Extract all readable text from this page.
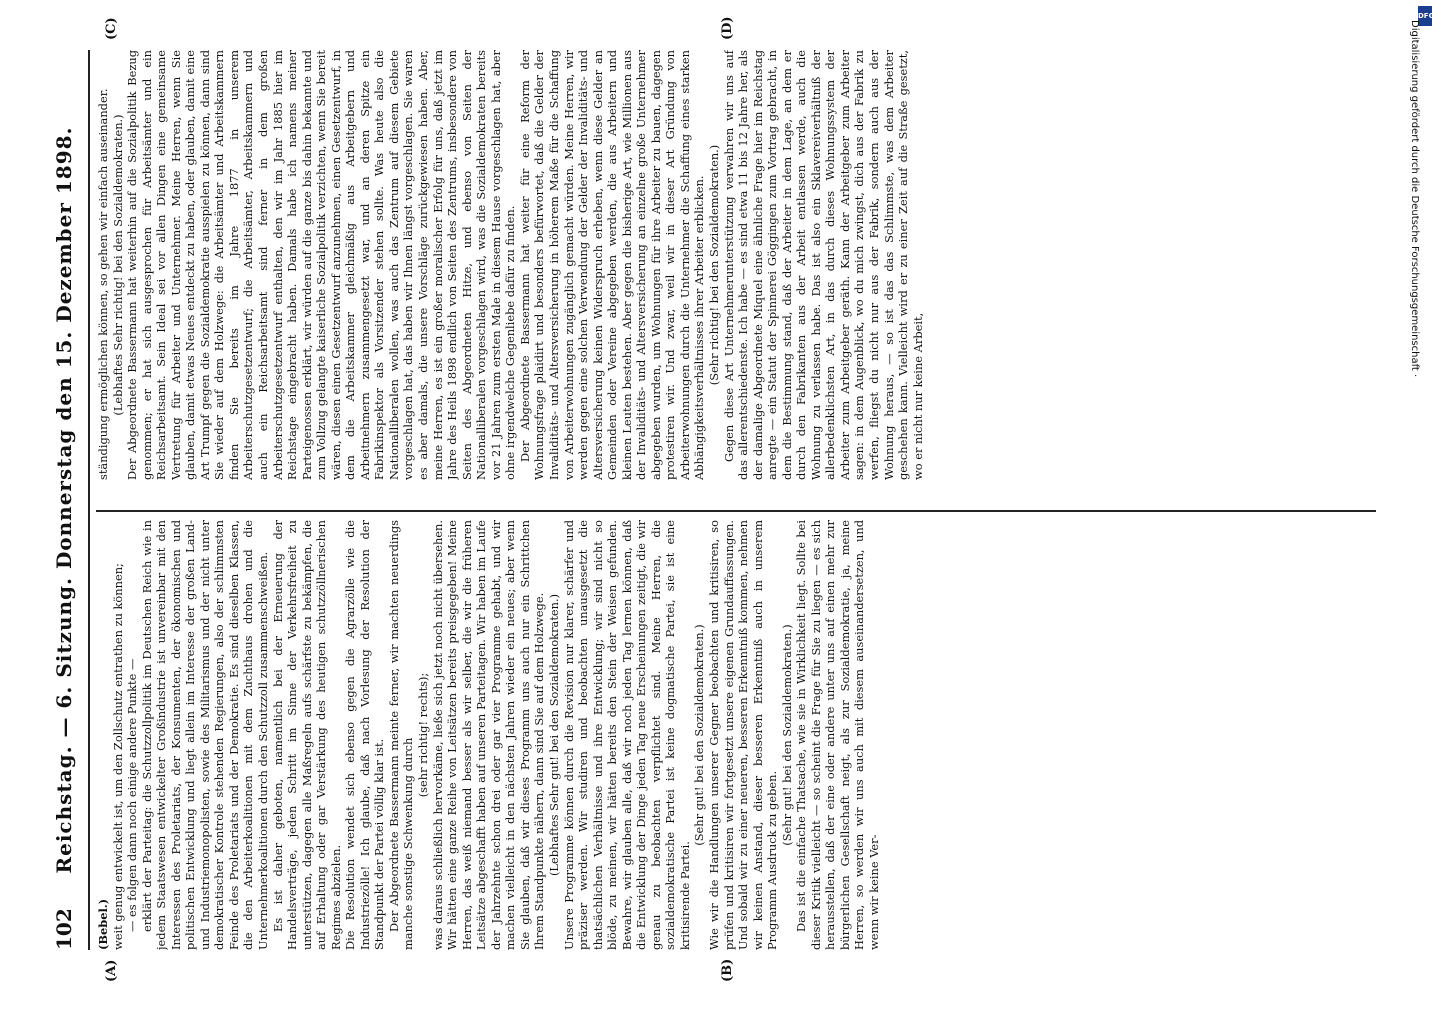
102
Reichstag. — 6. Sitzung. Donnerstag den 15. Dezember 1898.
(A)	(B)
(C)	(D)

(Bebel.) weit genug entwickelt ist, um den Zollschutz entrathen zu können; — es folgen dann noch einige andere Punkte — erklärt der Parteitag: die Schutzzollpolitik im Deutschen Reich wie in jedem Staatswesen entwickelter Großindustrie ist unvereinbar mit den Interessen des Proletariats, der Konsumenten, der ökonomischen und politischen Entwicklung und liegt allein im Interesse der großen Land- und Industriemonopolisten, sowie des Militarismus und der nicht unter demokratischer Kontrole stehenden Regierungen, also der schlimmsten Feinde des Proletariats und der Demokratie. Es sind dieselben Klassen, die den Arbeiterkoalitionen mit dem Zuchthaus drohen und die Unternehmerkoalitionen durch den Schutzzoll zusammenschweißen. Es ist daher geboten, namentlich bei der Erneuerung der Handelsverträge, jeden Schritt im Sinne der Verkehrsfreiheit zu unterstützen, dagegen alle Maßregeln aufs schärfste zu bekämpfen, die auf Erhaltung oder gar Verstärkung des heutigen schutzzöllnerischen Regimes abzielen. Die Resolution wendet sich ebenso gegen die Agrarzölle wie die Industriezölle! Ich glaube, daß nach Vorlesung der Resolution der Standpunkt der Partei völlig klar ist. Der Abgeordnete Bassermann meinte ferner, wir machten neuerdings manche sonstige Schwenkung durch

(sehr richtig! rechts); was daraus schließlich hervorkäme, ließe sich jetzt noch nicht übersehen. Wir hätten eine ganze Reihe von Leitsätzen bereits preisgegeben! Meine Herren, das weiß niemand besser als wir selber, die wir die früheren Leitsätze abgeschafft haben auf unseren Parteitagen. Wir haben im Laufe der Jahrzehnte schon drei oder gar vier Programme gehabt, und wir machen vielleicht in den nächsten Jahren wieder ein neues; aber wenn Sie glauben, daß wir dieses Programm uns auch nur ein Schrittchen Ihrem Standpunkte nähern, dann sind Sie auf dem Holzwege. (Lebhaftes Sehr gut! bei den Sozialdemokraten.) Unsere Programme können durch die Revision nur klarer, schärfer und präziser werden. Wir studiren und beobachten unausgesetzt die thatsächlichen Verhältnisse und ihre Entwicklung; wir sind nicht so blöde, zu meinen, wir hätten bereits den Stein der Weisen gefunden. Bewahre, wir glauben alle, daß wir noch jeden Tag lernen können, daß die Entwicklung der Dinge jeden Tag neue Erscheinungen zeitigt, die wir genau zu beobachten verpflichtet sind. Meine Herren, die sozialdemokratische Partei ist keine dogmatische Partei, sie ist eine kritisirende Partei.

(Sehr gut! bei den Sozialdemokraten.) Wie wir die Handlungen unserer Gegner beobachten und kritisiren, so prüfen und kritisiren wir fortgesetzt unsere eigenen Grundauffassungen. Und sobald wir zu einer neueren, besseren Erkenntniß kommen, nehmen wir keinen Anstand, dieser besseren Erkenntniß auch in unserem Programm Ausdruck zu geben.

(Sehr gut! bei den Sozialdemokraten.) Das ist die einfache Thatsache, wie sie in Wirklichkeit liegt. Sollte bei dieser Kritik vielleicht — so scheint die Frage für Sie zu liegen — es sich herausstellen, daß der eine oder andere unter uns auf einen mehr zur bürgerlichen Gesellschaft neigt, als zur Sozialdemokratie, ja, meine Herren, so werden wir uns auch mit diesem auseinandersetzen, und wenn wir keine Ver-

ständigung ermöglichen können, so gehen wir einfach auseinander. (Lebhaftes Sehr richtig! bei den Sozialdemokraten.) Der Abgeordnete Bassermann hat weiterhin auf die Sozialpolitik Bezug genommen; er hat sich ausgesprochen für Arbeitsämter und ein Reichsarbeitsamt. Sein Ideal sei vor allen Dingen eine gemeinsame Vertretung für Arbeiter und Unternehmer. Meine Herren, wenn Sie glauben, damit etwas Neues entdeckt zu haben, oder glauben, damit eine Art Trumpf gegen die Sozialdemokratie ausspielen zu können, dann sind Sie wieder auf dem Holzwege: die Arbeitsämter und Arbeitskammern finden Sie bereits im Jahre 1877 in unserem Arbeiterschutzgesetzentwurf; die Arbeitsämter, Arbeitskammern und auch ein Reichsarbeitsamt sind ferner in dem großen Arbeiterschutzgesetzentwurf enthalten, den wir im Jahr 1885 hier im Reichstage eingebracht haben. Damals habe ich namens meiner Parteigenossen erklärt, wir würden auf die ganze bis dahin bekannte und zum Vollzug gelangte kaiserliche Sozialpolitik verzichten, wenn Sie bereit wären, diesen einen Gesetzentwurf anzunehmen, einen Gesetzentwurf, in dem die Arbeitskammer gleichmäßig aus Arbeitgebern und Arbeitnehmern zusammengesetzt war, und an deren Spitze ein Fabrikinspektor als Vorsitzender stehen sollte. Was heute also die Nationalliberalen wollen, was auch das Zentrum auf diesem Gebiete vorgeschlagen hat, das haben wir Ihnen längst vorgeschlagen. Sie waren es aber damals, die unsere Vorschläge zurückgewiesen haben. Aber, meine Herren, es ist ein großer moralischer Erfolg für uns, daß jetzt im Jahre des Heils 1898 endlich von Seiten des Zentrums, insbesondere von Seiten des Abgeordneten Hitze, und ebenso von Seiten der Nationalliberalen vorgeschlagen wird, was die Sozialdemokraten bereits vor 21 Jahren zum ersten Male in diesem Hause vorgeschlagen hat, aber ohne irgendwelche Gegenliebe dafür zu finden. Der Abgeordnete Bassermann hat weiter für eine Reform der Wohnungsfrage plaidirt und besonders befürwortet, daß die Gelder der Invaliditäts- und Altersversicherung in höherem Maße für die Schaffung von Arbeiterwohnungen zugänglich gemacht würden. Meine Herren, wir werden gegen eine solchen Verwendung der Gelder der Invaliditäts- und Altersversicherung keinen Widerspruch erheben, wenn diese Gelder an Gemeinden oder Vereine abgegeben werden, die aus Arbeitern und kleinen Leuten bestehen. Aber gegen die bisherige Art, wie Millionen aus der Invaliditäts- und Altersversicherung an einzelne große Unternehmer abgegeben wurden, um Wohnungen für ihre Arbeiter zu bauen, dagegen protestiren wir. Und zwar, weil wir in dieser Art Gründung von Arbeiterwohnungen durch die Unternehmer die Schaffung eines starken Abhängigkeitsverhältnisses ihrer Arbeiter erblicken. (Sehr richtig! bei den Sozialdemokraten.) Gegen diese Art Unternehmerunterstützung verwahren wir uns auf das allerentschiedenste. Ich habe — es sind etwa 11 bis 12 Jahre her, als der damalige Abgeordnete Miquel eine ähnliche Frage hier im Reichstag anregte — ein Statut der Spinnerei Göggingen zum Vortrag gebracht, in dem die Bestimmung stand, daß der Arbeiter in dem Lage, an dem er durch den Fabrikanten aus der Arbeit entlassen werde, auch die Wohnung zu verlassen habe. Das ist also ein Sklavereiverhältniß der allerbedenklichsten Art, in das durch dieses Wohnungssystem der Arbeiter zum Arbeitgeber geräth. Kann der Arbeitgeber zum Arbeiter sagen: in dem Augenblick, wo du mich zwingst, dich aus der Fabrik zu werfen, fliegst du nicht nur aus der Fabrik, sondern auch aus der Wohnung heraus, — so ist das das Schlimmste, was dem Arbeiter geschehen kann. Vielleicht wird er zu einer Zeit auf die Straße gesetzt, wo er nicht nur keine Arbeit,

DFG
Digitalisierung gefördert durch die Deutsche Forschungsgemeinschaft ·
